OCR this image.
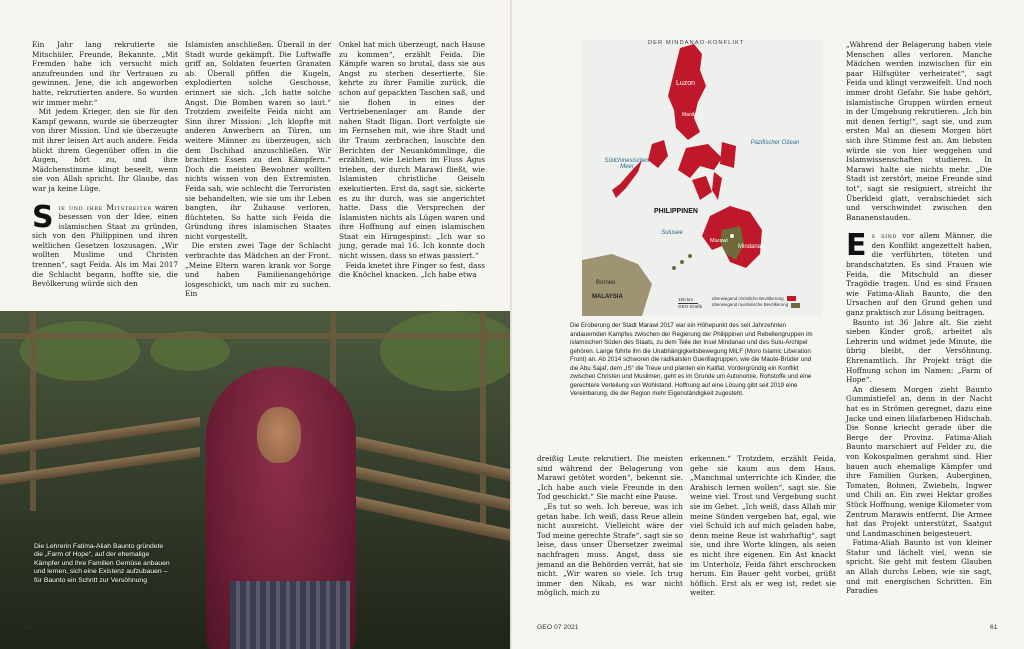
Ein Jahr lang rekrutierte sie Mitschüler, Freunde, Bekannte. „Mit Fremden habe ich versucht mich anzufreunden und ihr Vertrauen zu gewinnen. Jene, die ich angeworben hatte, rekrutierten andere. So wurden wir immer mehr.“

Mit jedem Krieger, den sie für den Kampf gewann, wurde sie überzeugter von ihrer Mission. Und sie überzeugte mit ihrer leisen Art auch andere. Feida blickt ihrem Gegenüber offen in die Augen, hört zu, und ihre Mädchenstimme klingt beseelt, wenn sie von Allah spricht. Ihr Glaube, das war ja keine Lüge.

Sie und ihre Mitstreiter waren besessen von der Idee, einen islamischen Staat zu gründen, sich von den Philippinen und ihren weltlichen Gesetzen loszusagen. „Wir wollten Muslime und Christen trennen“, sagt Feida. Als im Mai 2017 die Schlacht begann, hoffte sie, die Bevölkerung würde sich den

Islamisten anschließen. Überall in der Stadt wurde gekämpft. Die Luftwaffe griff an, Soldaten feuerten Granaten ab. Überall pfiffen die Kugeln, explodierten solche Geschosse, erinnert sie sich. „Ich hatte solche Angst. Die Bomben waren so laut.“ Trotzdem zweifelte Feida nicht am Sinn ihrer Mission: „Ich klopfte mit anderen Anwerbern an Türen, um weitere Männer zu überzeugen, sich dem Dschihad anzuschließen. Wir brachten Essen zu den Kämpfern.“ Doch die meisten Bewohner wollten nichts wissen von den Extremisten. Feida sah, wie schlecht die Terroristen sie behandelten, wie sie um ihr Leben bangten, ihr Zuhause verloren, flüchteten. So hatte sich Feida die Gründung ihres islamischen Staates nicht vorgestellt.

Die ersten zwei Tage der Schlacht verbrachte das Mädchen an der Front. „Meine Eltern waren krank vor Sorge und haben Familienangehörige losgeschickt, um nach mir zu suchen. Ein

Onkel hat mich überzeugt, nach Hause zu kommen“, erzählt Feida. Die Kämpfe waren so brutal, dass sie aus Angst zu sterben desertierte. Sie kehrte zu ihrer Familie zurück, die schon auf gepackten Taschen saß, und sie flohen in eines der Vertriebenenlager am Rande der nahen Stadt Iligan. Dort verfolgte sie im Fernsehen mit, wie ihre Stadt und ihr Traum zerbrachen, lauschte den Berichten der Neuankömmlinge, die erzählten, wie Leichen im Fluss Agus trieben, der durch Marawi fließt, wie Islamisten christliche Geiseln exekutierten. Erst da, sagt sie, sickerte es zu ihr durch, was sie angerichtet hatte. Dass die Versprechen der Islamisten nichts als Lügen waren und ihre Hoffnung auf einen islamischen Staat ein Hirngespinst: „Ich war so jung, gerade mal 16. Ich konnte doch nicht wissen, dass so etwas passiert.“

Feida knetet ihre Finger so fest, dass die Knöchel knacken. „Ich habe etwa

Die Lehrerin Fatima-Aliah Baunto gründete die „Farm of Hope“, auf der ehemalige Kämpfer und ihre Familien Gemüse anbauen und lernen, sich eine Existenz aufzubauen – für Baunto ein Schritt zur Versöhnung
60
Luzon
Manila
PHILIPPINEN
Pazifischer Ozean
Südchinesisches Meer
Sulusee
Marawi
Mindanao
Borneo
MALAYSIA
DER MINDANAO-KONFLIKT
150 km
GEO-Grafik
überwiegend christliche Bevölkerung
überwiegend muslimische Bevölkerung
Die Eroberung der Stadt Marawi 2017 war ein Höhepunkt des seit Jahrzehnten andauernden Kampfes zwischen der Regierung der Philippinen und Rebellengruppen im islamischen Süden des Staats, zu dem Teile der Insel Mindanao und des Sulu-Archipel gehören. Lange führte ihn die Unabhängigkeitsbewegung MILF (Moro Islamic Liberation Front) an. Ab 2014 schworen die radikalsten Guerillagruppen, wie die Maute-Brüder und die Abu Sajaf, dem „IS“ die Treue und planten ein Kalifat. Vordergründig ein Konflikt zwischen Christen und Muslimen, geht es im Grunde um Autonomie, Rohstoffe und eine gerechtere Verteilung von Wohlstand. Hoffnung auf eine Lösung gibt seit 2019 eine Vereinbarung, die der Region mehr Eigenständigkeit zugesteht.

dreißig Leute rekrutiert. Die meisten sind während der Belagerung von Marawi getötet worden“, bekennt sie. „Ich habe auch viele Freunde in den Tod geschickt.“ Sie macht eine Pause.

„Es tut so weh. Ich bereue, was ich getan habe. Ich weiß, dass Reue allein nicht ausreicht. Vielleicht wäre der Tod meine gerechte Strafe“, sagt sie so leise, dass unser Übersetzer zweimal nachfragen muss. Angst, dass sie jemand an die Behörden verrät, hat sie nicht. „Wir waren so viele. Ich trug immer den Nikab, es war nicht möglich, mich zu

erkennen.“ Trotzdem, erzählt Feida, gehe sie kaum aus dem Haus. „Manchmal unterrichte ich Kinder, die Arabisch lernen wollen“, sagt sie. Sie weine viel. Trost und Vergebung sucht sie im Gebet. „Ich weiß, dass Allah mir meine Sünden vergeben hat, egal, wie viel Schuld ich auf mich geladen habe, denn meine Reue ist wahrhaftig“, sagt sie, und ihre Worte klingen, als seien es nicht ihre eigenen. Ein Ast knackt im Unterholz, Feida fährt erschrocken herum. Ein Bauer geht vorbei, grüßt höflich. Erst als er weg ist, redet sie weiter.

„Während der Belagerung haben viele Menschen alles verloren. Manche Mädchen werden inzwischen für ein paar Hilfsgüter verheiratet“, sagt Feida und klingt verzweifelt. Und noch immer droht Gefahr. Sie habe gehört, islamistische Gruppen würden erneut in der Umgebung rekrutieren. „Ich bin mit denen fertig!“, sagt sie, und zum ersten Mal an diesem Morgen hört sich ihre Stimme fest an. Am liebsten würde sie von hier weggehen und Islamwissenschaften studieren. In Marawi halte sie nichts mehr. „Die Stadt ist zerstört, meine Freunde sind tot“, sagt sie resigniert, streicht ihr Überkleid glatt, verabschiedet sich und verschwindet zwischen den Bananenstauden.

Es sind vor allem Männer, die den Konflikt angezettelt haben, die verführten, töteten und brandschatzten. Es sind Frauen wie Feida, die Mitschuld an dieser Tragödie tragen. Und es sind Frauen wie Fatima-Aliah Baunto, die den Ursachen auf den Grund gehen und ganz praktisch zur Lösung beitragen.

Baunto ist 36 Jahre alt. Sie zieht sieben Kinder groß, arbeitet als Lehrerin und widmet jede Minute, die übrig bleibt, der Versöhnung. Ehrenamtlich. Ihr Projekt trägt die Hoffnung schon im Namen: „Farm of Hope“.

An diesem Morgen zieht Baunto Gummistiefel an, denn in der Nacht hat es in Strömen geregnet, dazu eine Jacke und einen lilafarbenen Hidschab. Die Sonne kriecht gerade über die Berge der Provinz. Fatima-Aliah Baunto marschiert auf Felder zu, die von Kokospalmen gerahmt sind. Hier bauen auch ehemalige Kämpfer und ihre Familien Gurken, Auberginen, Tomaten, Bohnen, Zwiebeln, Ingwer und Chili an. Ein zwei Hektar großes Stück Hoffnung, wenige Kilometer vom Zentrum Marawis entfernt. Die Armee hat das Projekt unterstützt, Saatgut und Landmaschinen beigesteuert.

Fatima-Aliah Baunto ist von kleiner Statur und lächelt viel, wenn sie spricht. Sie geht mit festem Glauben an Allah durchs Leben, wie sie sagt, und mit energischen Schritten. Ein Paradies

GEO 07 2021	61
